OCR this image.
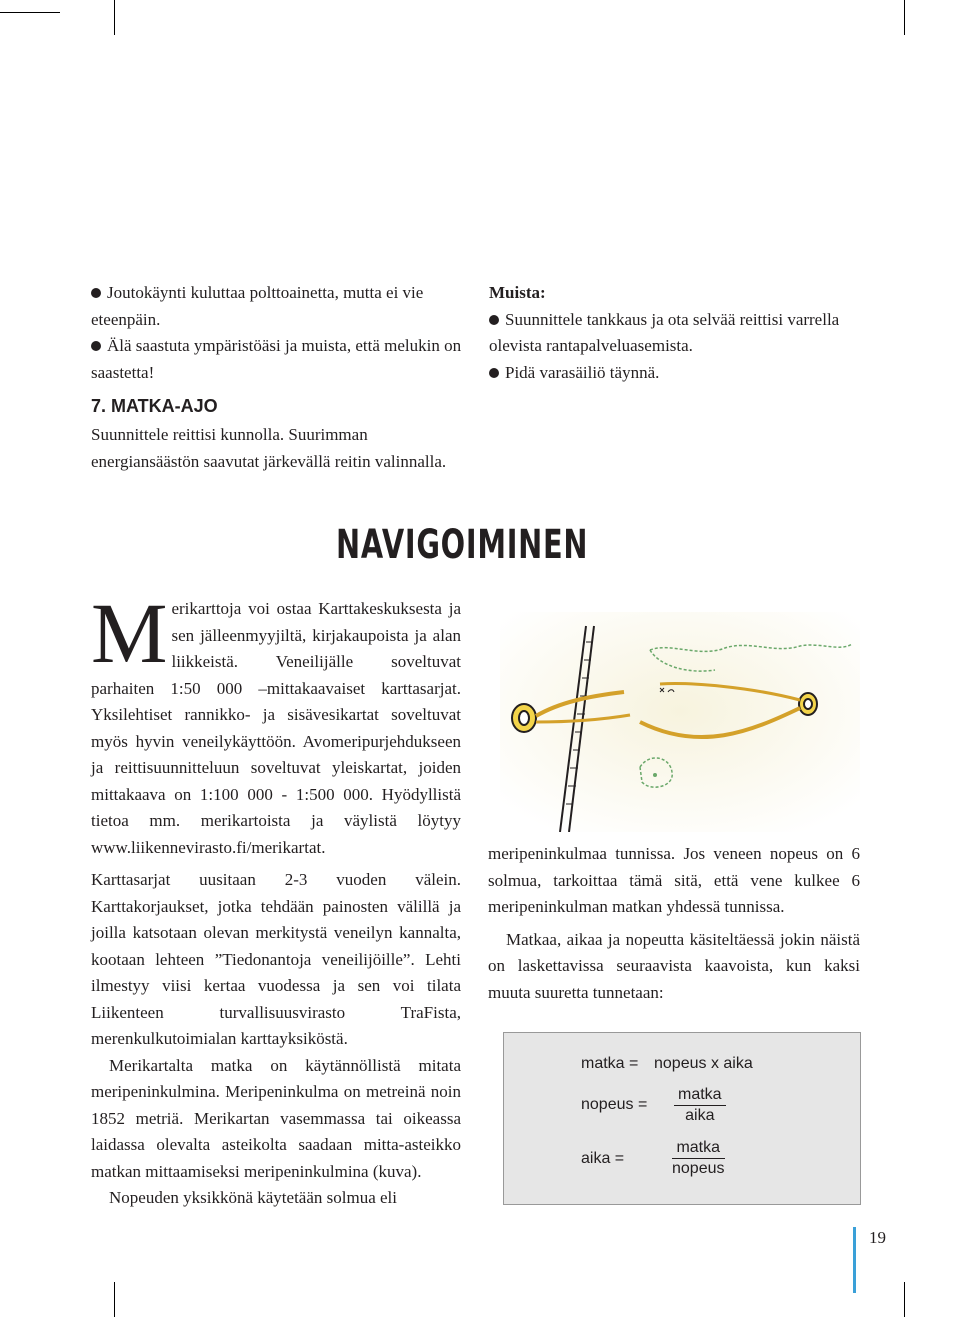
Joutokäynti kuluttaa polttoainetta, mutta ei vie eteenpäin.

Älä saastuta ympäristöäsi ja muista, että melukin on saastetta!

Muista:

Suunnittele tankkaus ja ota selvää reittisi varrella olevista rantapalveluasemista.

Pidä varasäiliö täynnä.

7. MATKA-AJO
Suunnittele reittisi kunnolla. Suurimman energiansäästön saavutat järkevällä reitin valinnalla.
NAVIGOIMINEN

Merikarttoja voi ostaa Karttakeskuksesta ja sen jälleenmyyjiltä, kirjakaupoista ja alan liikkeistä. Veneilijälle soveltuvat parhaiten 1:50 000 –mittakaavaiset karttasarjat. Yksilehtiset rannikko- ja sisävesikartat soveltuvat myös hyvin veneilykäyttöön. Avomeripurjehdukseen ja reittisuunnitteluun soveltuvat yleiskartat, joiden mittakaava on 1:100 000 - 1:500 000. Hyödyllistä tietoa mm. merikartoista ja väylistä löytyy www.liikennevirasto.fi/merikartat.

Karttasarjat uusitaan 2-3 vuoden välein. Karttakorjaukset, jotka tehdään painosten välillä ja joilla katsotaan olevan merkitystä veneilyn kannalta, kootaan lehteen ”Tiedonantoja veneilijöille”. Lehti ilmestyy viisi kertaa vuodessa ja sen voi tilata Liikenteen turvallisuusvirasto TraFista, merenkulkutoimialan karttayksiköstä.

Merikartalta matka on käytännöllistä mitata meripeninkulmina. Meripeninkulma on metreinä noin 1852 metriä. Merikartan vasemmassa tai oikeassa laidassa olevalta asteikolta saadaan mitta-asteikko matkan mittaamiseksi meripeninkulmina (kuva).

Nopeuden yksikkönä käytetään solmua eli

meripeninkulmaa tunnissa. Jos veneen nopeus on 6 solmua, tarkoittaa tämä sitä, että vene kulkee 6 meripeninkulman matkan yhdessä tunnissa.

Matkaa, aikaa ja nopeutta käsiteltäessä jokin näistä on laskettavissa seuraavista kaavoista, kun kaksi muuta suuretta tunnetaan:

matka = nopeus x aika
nopeus =
matka
aika
aika =
matka
nopeus
19
